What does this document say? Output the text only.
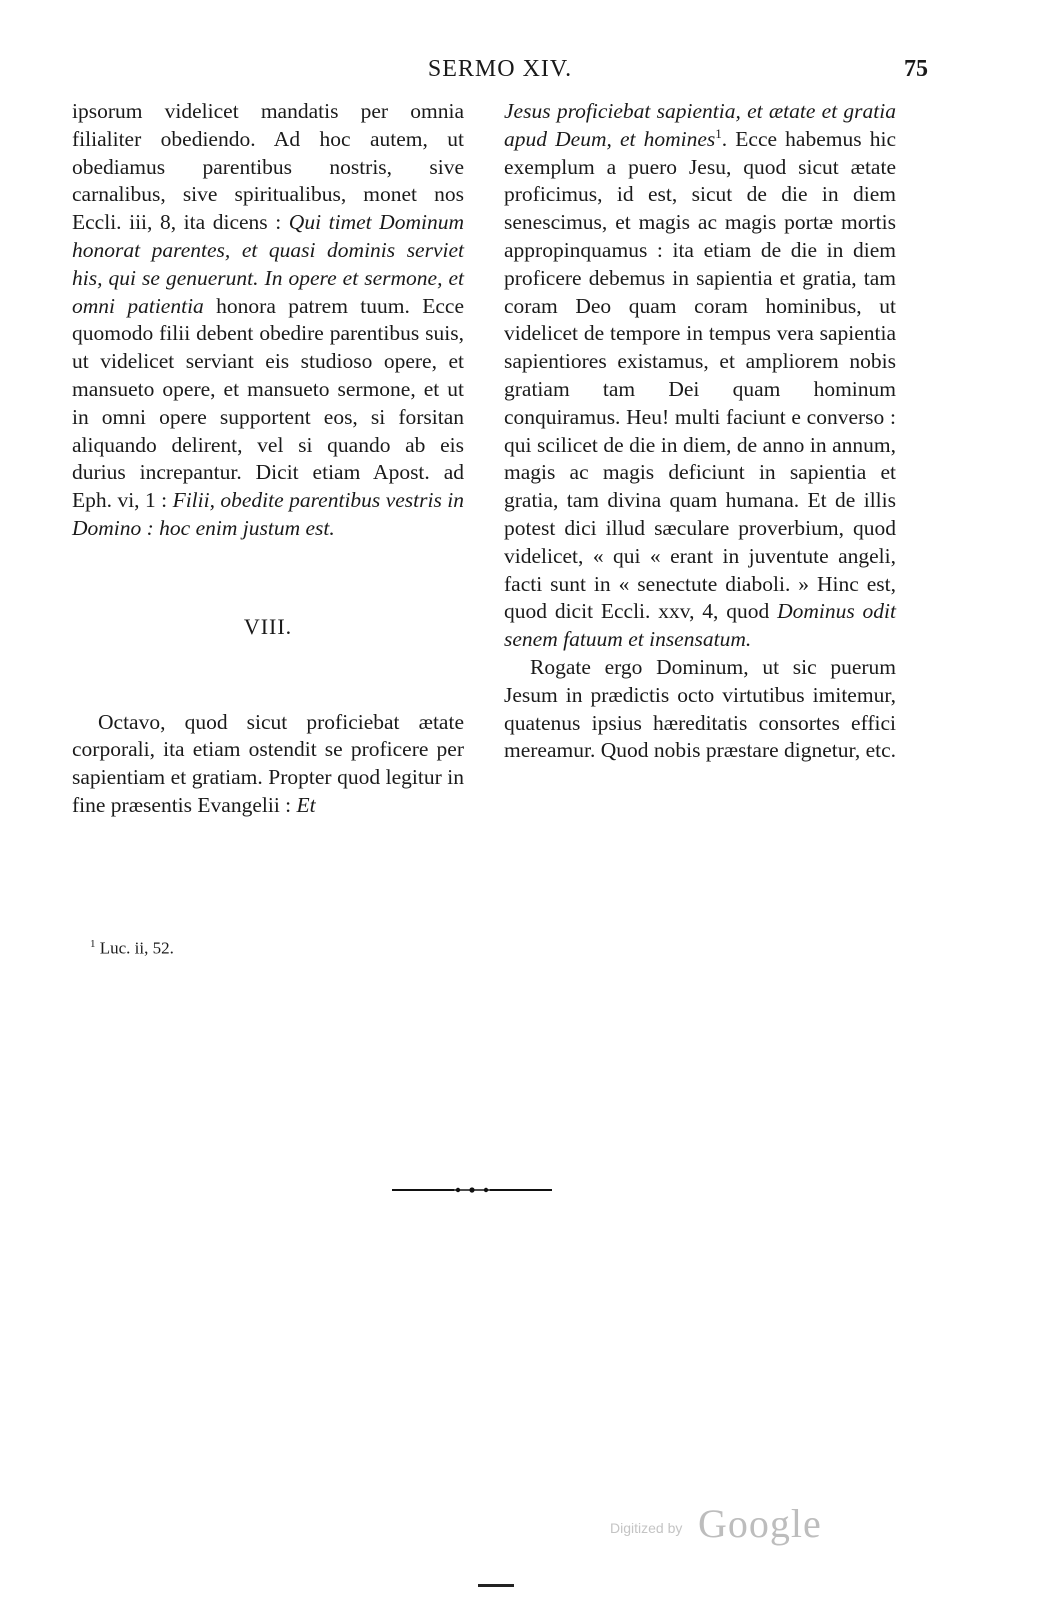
SERMO XIV.	75

ipsorum videlicet mandatis per omnia filialiter obediendo. Ad hoc autem, ut obediamus parentibus nostris, sive carnalibus, sive spiritualibus, monet nos Eccli. iii, 8, ita dicens : Qui timet Dominum honorat parentes, et quasi dominis serviet his, qui se genuerunt. In opere et sermone, et omni patientia honora patrem tuum. Ecce quomodo filii debent obedire parentibus suis, ut videlicet serviant eis studioso opere, et mansueto opere, et mansueto sermone, et ut in omni opere supportent eos, si forsitan aliquando delirent, vel si quando ab eis durius increpantur. Dicit etiam Apost. ad Eph. vi, 1 : Filii, obedite parentibus vestris in Domino : hoc enim justum est.

VIII.

Octavo, quod sicut proficiebat ætate corporali, ita etiam ostendit se proficere per sapientiam et gratiam. Propter quod legitur in fine præsentis Evangelii : Et

Jesus proficiebat sapientia, et ætate et gratia apud Deum, et homines$^1$. Ecce habemus hic exemplum a puero Jesu, quod sicut ætate proficimus, id est, sicut de die in diem senescimus, et magis ac magis portæ mortis appropinquamus : ita etiam de die in diem proficere debemus in sapientia et gratia, tam coram Deo quam coram hominibus, ut videlicet de tempore in tempus vera sapientia sapientiores existamus, et ampliorem nobis gratiam tam Dei quam hominum conquiramus. Heu! multi faciunt e converso : qui scilicet de die in diem, de anno in annum, magis ac magis deficiunt in sapientia et gratia, tam divina quam humana. Et de illis potest dici illud sæculare proverbium, quod videlicet, « qui « erant in juventute angeli, facti sunt in « senectute diaboli. » Hinc est, quod dicit Eccli. xxv, 4, quod Dominus odit senem fatuum et insensatum.

Rogate ergo Dominum, ut sic puerum Jesum in prædictis octo virtutibus imitemur, quatenus ipsius hæreditatis consortes effici mereamur. Quod nobis præstare dignetur, etc.

$^1$ Luc. ii, 52.
Digitized by Google
